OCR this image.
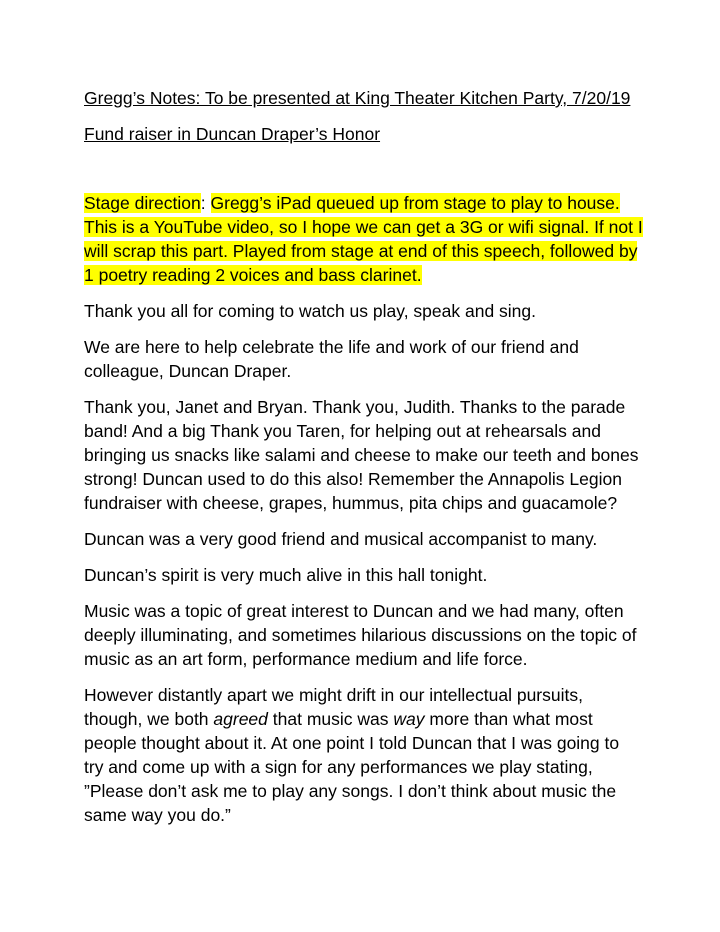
Gregg’s Notes: To be presented at King Theater Kitchen Party, 7/20/19
Fund raiser in Duncan Draper’s Honor
Stage direction: Gregg’s iPad queued up from stage to play to house.
This is a YouTube video, so I hope we can get a 3G or wifi signal. If not I
will scrap this part. Played from stage at end of this speech, followed by
1 poetry reading 2 voices and bass clarinet.
Thank you all for coming to watch us play, speak and sing.
We are here to help celebrate the life and work of our friend and
colleague, Duncan Draper.
Thank you, Janet and Bryan. Thank you, Judith. Thanks to the parade
band! And a big Thank you Taren, for helping out at rehearsals and
bringing us snacks like salami and cheese to make our teeth and bones
strong! Duncan used to do this also! Remember the Annapolis Legion
fundraiser with cheese, grapes, hummus, pita chips and guacamole?
Duncan was a very good friend and musical accompanist to many.
Duncan’s spirit is very much alive in this hall tonight.
Music was a topic of great interest to Duncan and we had many, often
deeply illuminating, and sometimes hilarious discussions on the topic of
music as an art form, performance medium and life force.
However distantly apart we might drift in our intellectual pursuits,
though, we both agreed that music was way more than what most
people thought about it. At one point I told Duncan that I was going to
try and come up with a sign for any performances we play stating,
”Please don’t ask me to play any songs. I don’t think about music the
same way you do.”
